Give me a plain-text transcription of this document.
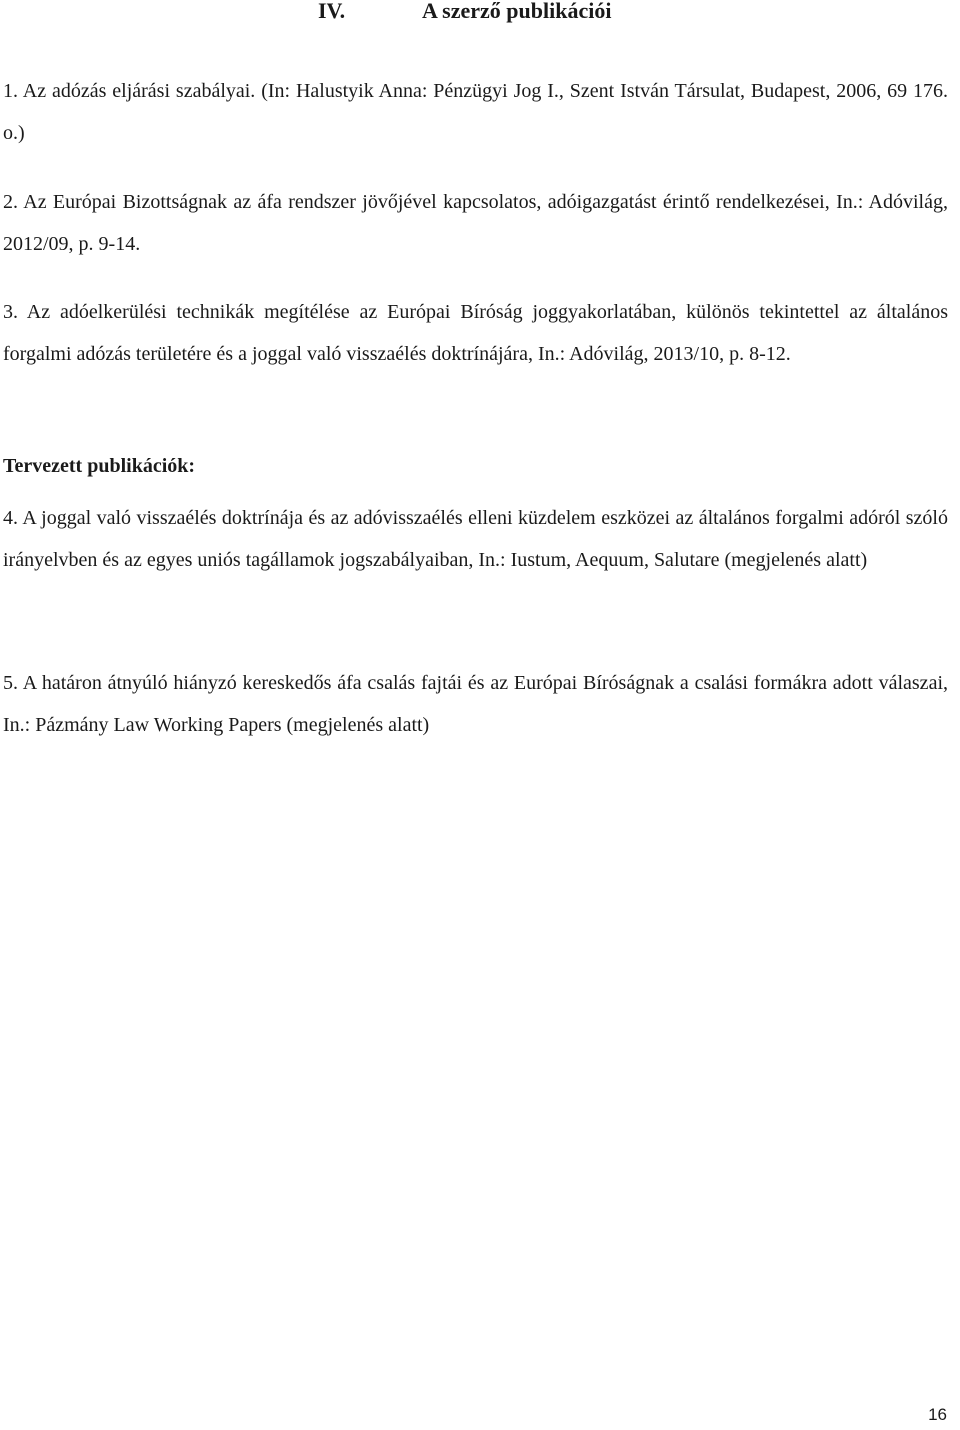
IV.	A szerző publikációi
1. Az adózás eljárási szabályai. (In: Halustyik Anna: Pénzügyi Jog I., Szent István Társulat, Budapest, 2006, 69 176. o.)
2. Az Európai Bizottságnak az áfa rendszer jövőjével kapcsolatos, adóigazgatást érintő rendelkezései, In.: Adóvilág, 2012/09, p. 9-14.
3. Az adóelkerülési technikák megítélése az Európai Bíróság joggyakorlatában, különös tekintettel az általános forgalmi adózás területére és a joggal való visszaélés doktrínájára, In.: Adóvilág, 2013/10, p. 8-12.
Tervezett publikációk:
4. A joggal való visszaélés doktrínája és az adóvisszaélés elleni küzdelem eszközei az általános forgalmi adóról szóló irányelvben és az egyes uniós tagállamok jogszabályaiban, In.: Iustum, Aequum, Salutare (megjelenés alatt)
5. A határon átnyúló hiányzó kereskedős áfa csalás fajtái és az Európai Bíróságnak a csalási formákra adott válaszai, In.: Pázmány Law Working Papers (megjelenés alatt)
16
